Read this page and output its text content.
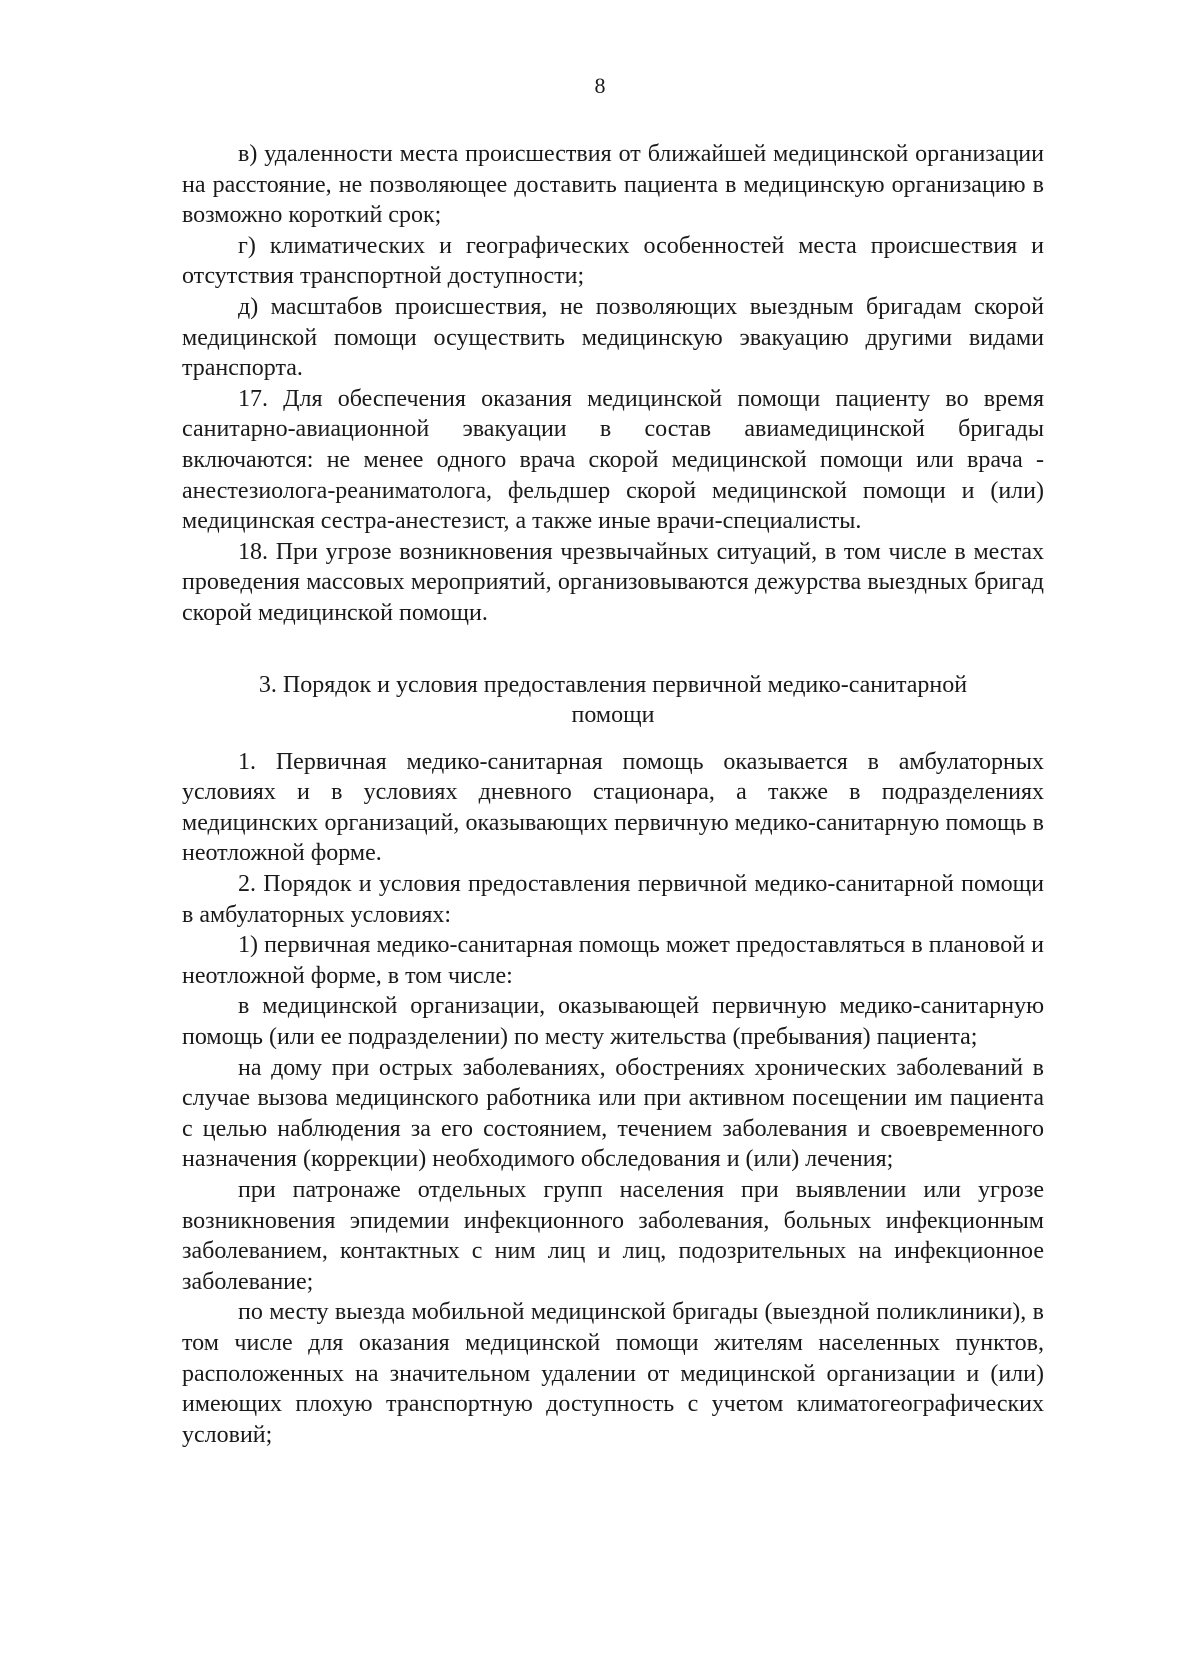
8

в) удаленности места происшествия от ближайшей медицинской организации на расстояние, не позволяющее доставить пациента в медицинскую организацию в возможно короткий срок;

г) климатических и географических особенностей места происшествия и отсутствия транспортной доступности;

д) масштабов происшествия, не позволяющих выездным бригадам скорой медицинской помощи осуществить медицинскую эвакуацию другими видами транспорта.

17. Для обеспечения оказания медицинской помощи пациенту во время санитарно-авиационной эвакуации в состав авиамедицинской бригады включаются: не менее одного врача скорой медицинской помощи или врача - анестезиолога-реаниматолога, фельдшер скорой медицинской помощи и (или) медицинская сестра-анестезист, а также иные врачи-специалисты.

18. При угрозе возникновения чрезвычайных ситуаций, в том числе в местах проведения массовых мероприятий, организовываются дежурства выездных бригад скорой медицинской помощи.

3. Порядок и условия предоставления первичной медико-санитарной
помощи

1. Первичная медико-санитарная помощь оказывается в амбулаторных условиях и в условиях дневного стационара, а также в подразделениях медицинских организаций, оказывающих первичную медико-санитарную помощь в неотложной форме.

2. Порядок и условия предоставления первичной медико-санитарной помощи в амбулаторных условиях:

1) первичная медико-санитарная помощь может предоставляться в плановой и неотложной форме, в том числе:

в медицинской организации, оказывающей первичную медико-санитарную помощь (или ее подразделении) по месту жительства (пребывания) пациента;

на дому при острых заболеваниях, обострениях хронических заболеваний в случае вызова медицинского работника или при активном посещении им пациента с целью наблюдения за его состоянием, течением заболевания и своевременного назначения (коррекции) необходимого обследования и (или) лечения;

при патронаже отдельных групп населения при выявлении или угрозе возникновения эпидемии инфекционного заболевания, больных инфекционным заболеванием, контактных с ним лиц и лиц, подозрительных на инфекционное заболевание;

по месту выезда мобильной медицинской бригады (выездной поликлиники), в том числе для оказания медицинской помощи жителям населенных пунктов, расположенных на значительном удалении от медицинской организации и (или) имеющих плохую транспортную доступность с учетом климатогеографических условий;
